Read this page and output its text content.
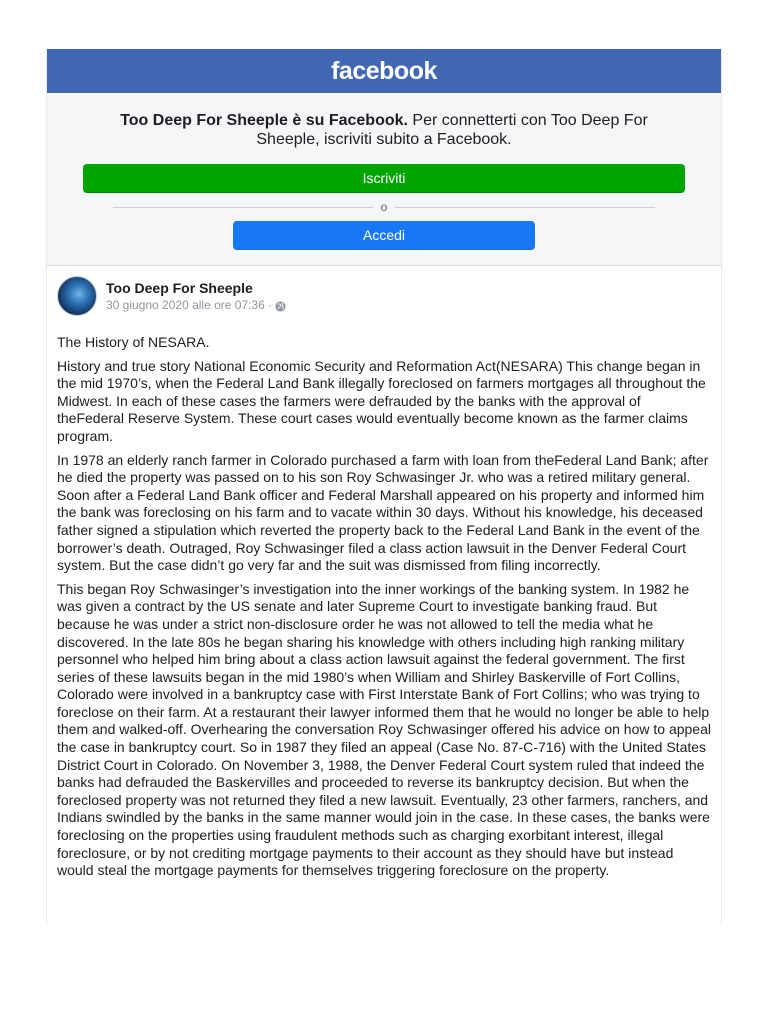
facebook
Too Deep For Sheeple è su Facebook. Per connetterti con Too Deep For Sheeple, iscriviti subito a Facebook.
Iscriviti
o
Accedi
Too Deep For Sheeple
30 giugno 2020 alle ore 07:36 ·

The History of NESARA.

History and true story National Economic Security and Reformation Act(NESARA) This change began in the mid 1970’s, when the Federal Land Bank illegally foreclosed on farmers mortgages all throughout the Midwest. In each of these cases the farmers were defrauded by the banks with the approval of theFederal Reserve System. These court cases would eventually become known as the farmer claims program.

In 1978 an elderly ranch farmer in Colorado purchased a farm with loan from theFederal Land Bank; after he died the property was passed on to his son Roy Schwasinger Jr. who was a retired military general. Soon after a Federal Land Bank officer and Federal Marshall appeared on his property and informed him the bank was foreclosing on his farm and to vacate within 30 days. Without his knowledge, his deceased father signed a stipulation which reverted the property back to the Federal Land Bank in the event of the borrower’s death. Outraged, Roy Schwasinger filed a class action lawsuit in the Denver Federal Court system. But the case didn’t go very far and the suit was dismissed from filing incorrectly.

This began Roy Schwasinger’s investigation into the inner workings of the banking system. In 1982 he was given a contract by the US senate and later Supreme Court to investigate banking fraud. But because he was under a strict non-disclosure order he was not allowed to tell the media what he discovered. In the late 80s he began sharing his knowledge with others including high ranking military personnel who helped him bring about a class action lawsuit against the federal government. The first series of these lawsuits began in the mid 1980’s when William and Shirley Baskerville of Fort Collins, Colorado were involved in a bankruptcy case with First Interstate Bank of Fort Collins; who was trying to foreclose on their farm. At a restaurant their lawyer informed them that he would no longer be able to help them and walked-off. Overhearing the conversation Roy Schwasinger offered his advice on how to appeal the case in bankruptcy court. So in 1987 they filed an appeal (Case No. 87-C-716) with the United States District Court in Colorado. On November 3, 1988, the Denver Federal Court system ruled that indeed the banks had defrauded the Baskervilles and proceeded to reverse its bankruptcy decision. But when the foreclosed property was not returned they filed a new lawsuit. Eventually, 23 other farmers, ranchers, and Indians swindled by the banks in the same manner would join in the case. In these cases, the banks were foreclosing on the properties using fraudulent methods such as charging exorbitant interest, illegal foreclosure, or by not crediting mortgage payments to their account as they should have but instead would steal the mortgage payments for themselves triggering foreclosure on the property.
